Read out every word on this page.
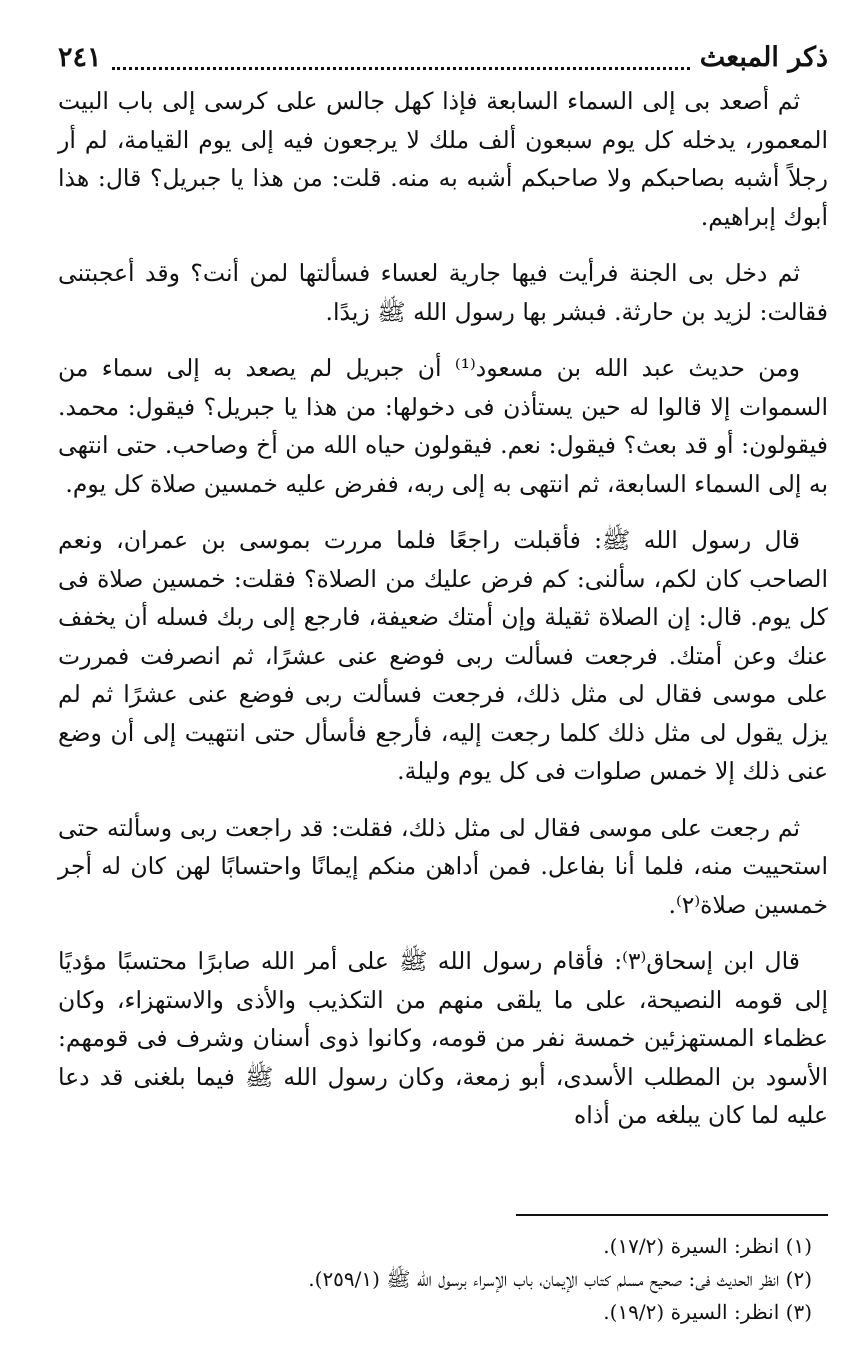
ذكر المبعث
٢٤١

ثم أصعد بى إلى السماء السابعة فإذا كهل جالس على كرسى إلى باب البيت المعمور، يدخله كل يوم سبعون ألف ملك لا يرجعون فيه إلى يوم القيامة، لم أر رجلاً أشبه بصاحبكم ولا صاحبكم أشبه به منه. قلت: من هذا يا جبريل؟ قال: هذا أبوك إبراهيم.

ثم دخل بى الجنة فرأيت فيها جارية لعساء فسألتها لمن أنت؟ وقد أعجبتنى فقالت: لزيد بن حارثة. فبشر بها رسول الله ﷺ زيدًا.

ومن حديث عبد الله بن مسعود⁽¹⁾ أن جبريل لم يصعد به إلى سماء من السموات إلا قالوا له حين يستأذن فى دخولها: من هذا يا جبريل؟ فيقول: محمد. فيقولون: أو قد بعث؟ فيقول: نعم. فيقولون حياه الله من أخ وصاحب. حتى انتهى به إلى السماء السابعة، ثم انتهى به إلى ربه، ففرض عليه خمسين صلاة كل يوم.

قال رسول الله ﷺ: فأقبلت راجعًا فلما مررت بموسى بن عمران، ونعم الصاحب كان لكم، سألنى: كم فرض عليك من الصلاة؟ فقلت: خمسين صلاة فى كل يوم. قال: إن الصلاة ثقيلة وإن أمتك ضعيفة، فارجع إلى ربك فسله أن يخفف عنك وعن أمتك. فرجعت فسألت ربى فوضع عنى عشرًا، ثم انصرفت فمررت على موسى فقال لى مثل ذلك، فرجعت فسألت ربى فوضع عنى عشرًا ثم لم يزل يقول لى مثل ذلك كلما رجعت إليه، فأرجع فأسأل حتى انتهيت إلى أن وضع عنى ذلك إلا خمس صلوات فى كل يوم وليلة.

ثم رجعت على موسى فقال لى مثل ذلك، فقلت: قد راجعت ربى وسألته حتى استحييت منه، فلما أنا بفاعل. فمن أداهن منكم إيمانًا واحتسابًا لهن كان له أجر خمسين صلاة⁽٢⁾.

قال ابن إسحاق⁽٣⁾: فأقام رسول الله ﷺ على أمر الله صابرًا محتسبًا مؤديًا إلى قومه النصيحة، على ما يلقى منهم من التكذيب والأذى والاستهزاء، وكان عظماء المستهزئين خمسة نفر من قومه، وكانوا ذوى أسنان وشرف فى قومهم: الأسود بن المطلب الأسدى، أبو زمعة، وكان رسول الله ﷺ فيما بلغنى قد دعا عليه لما كان يبلغه من أذاه

(١) انظر: السيرة (١٧/٢).

(٢) انظر الحديث فى: صحيح مسلم كتاب الإيمان، باب الإسراء برسول الله ﷺ (٢٥٩/١).

(٣) انظر: السيرة (١٩/٢).
